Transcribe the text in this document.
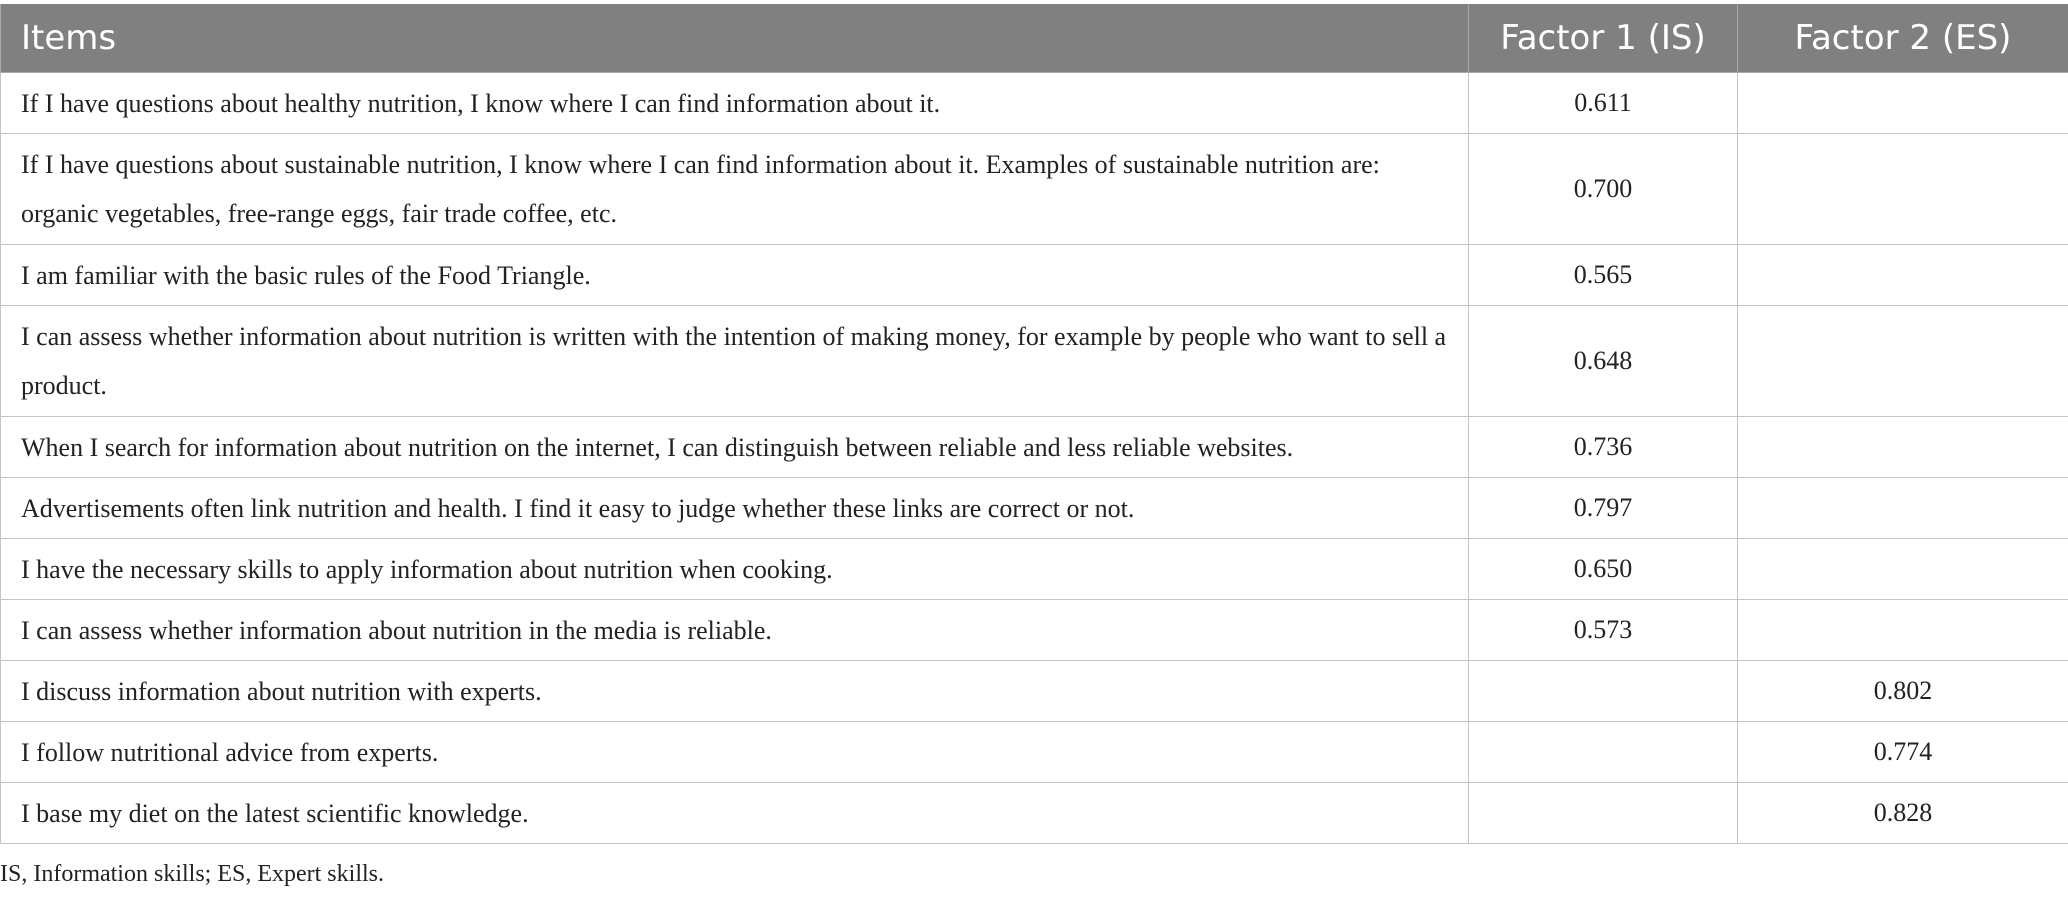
Items	Factor 1 (IS)	Factor 2 (ES)
If I have questions about healthy nutrition, I know where I can find information about it.	0.611	
If I have questions about sustainable nutrition, I know where I can find information about it. Examples of sustainable nutrition are: organic vegetables, free-range eggs, fair trade coffee, etc.	0.700	
I am familiar with the basic rules of the Food Triangle.	0.565	
I can assess whether information about nutrition is written with the intention of making money, for example by people who want to sell a product.	0.648	
When I search for information about nutrition on the internet, I can distinguish between reliable and less reliable websites.	0.736	
Advertisements often link nutrition and health. I find it easy to judge whether these links are correct or not.	0.797	
I have the necessary skills to apply information about nutrition when cooking.	0.650	
I can assess whether information about nutrition in the media is reliable.	0.573	
I discuss information about nutrition with experts.		0.802
I follow nutritional advice from experts.		0.774
I base my diet on the latest scientific knowledge.		0.828
IS, Information skills; ES, Expert skills.
